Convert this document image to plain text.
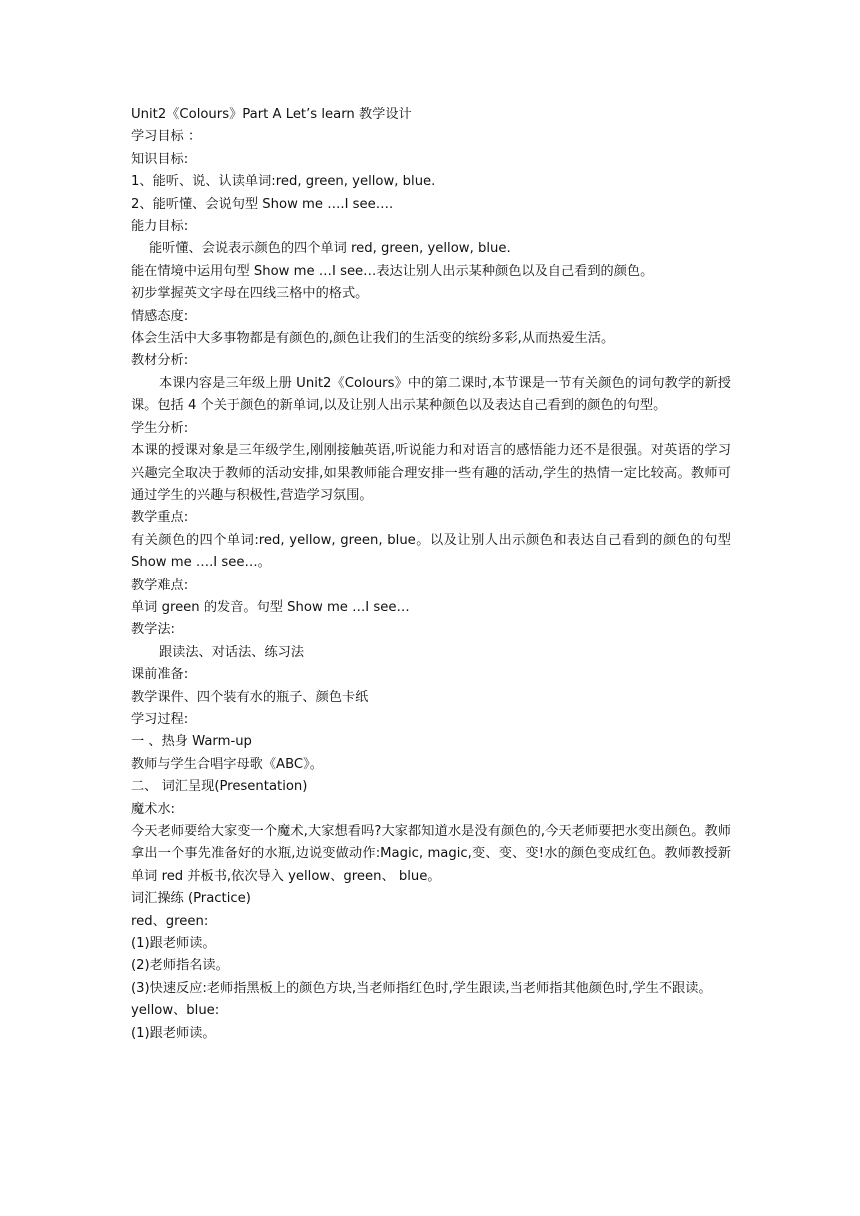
Unit2《Colours》Part A Let’s learn 教学设计
学习目标 ：
知识目标:
1、能听、说、认读单词:red, green, yellow, blue.
2、能听懂、会说句型 Show me ….I see….
能力目标:
能听懂、会说表示颜色的四个单词 red, green, yellow, blue.
能在情境中运用句型 Show me …I see…表达让别人出示某种颜色以及自己看到的颜色。
初步掌握英文字母在四线三格中的格式。
情感态度:
体会生活中大多事物都是有颜色的,颜色让我们的生活变的缤纷多彩,从而热爱生活。
教材分析:
本课内容是三年级上册 Unit2《Colours》中的第二课时,本节课是一节有关颜色的词句教学的新授课。包括 4 个关于颜色的新单词,以及让别人出示某种颜色以及表达自己看到的颜色的句型。
学生分析:
本课的授课对象是三年级学生,刚刚接触英语,听说能力和对语言的感悟能力还不是很强。对英语的学习兴趣完全取决于教师的活动安排,如果教师能合理安排一些有趣的活动,学生的热情一定比较高。教师可通过学生的兴趣与积极性,营造学习氛围。
教学重点:
有关颜色的四个单词:red, yellow, green, blue。以及让别人出示颜色和表达自己看到的颜色的句型 Show me ….I see…。
教学难点:
单词 green 的发音。句型 Show me …I see…
教学法:
跟读法、对话法、练习法
课前准备:
教学课件、四个装有水的瓶子、颜色卡纸
学习过程:
一 、热身 Warm-up
教师与学生合唱字母歌《ABC》。
二、 词汇呈现(Presentation)
魔术水:
今天老师要给大家变一个魔术,大家想看吗?大家都知道水是没有颜色的,今天老师要把水变出颜色。教师拿出一个事先准备好的水瓶,边说变做动作:Magic, magic,变、变、变!水的颜色变成红色。教师教授新单词 red 并板书,依次导入 yellow、green、 blue。
词汇操练 (Practice)
red、green:
(1)跟老师读。
(2)老师指名读。
(3)快速反应:老师指黑板上的颜色方块,当老师指红色时,学生跟读,当老师指其他颜色时,学生不跟读。
yellow、blue:
(1)跟老师读。
